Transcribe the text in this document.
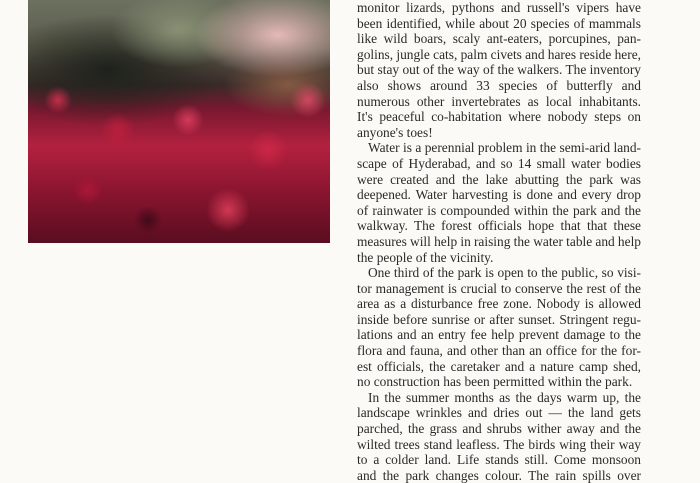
monitor lizards, pythons and russell's vipers have
been identified, while about 20 species of mammals
like wild boars, scaly ant-eaters, porcupines, pan-
golins, jungle cats, palm civets and hares reside here,
but stay out of the way of the walkers. The inventory
also shows around 33 species of butterfly and
numerous other invertebrates as local inhabitants.
It's peaceful co-habitation where nobody steps on
anyone's toes!
Water is a perennial problem in the semi-arid land-
scape of Hyderabad, and so 14 small water bodies
were created and the lake abutting the park was
deepened. Water harvesting is done and every drop
of rainwater is compounded within the park and the
walkway. The forest officials hope that that these
measures will help in raising the water table and help
the people of the vicinity.
One third of the park is open to the public, so visi-
tor management is crucial to conserve the rest of the
area as a disturbance free zone. Nobody is allowed
inside before sunrise or after sunset. Stringent regu-
lations and an entry fee help prevent damage to the
flora and fauna, and other than an office for the for-
est officials, the caretaker and a nature camp shed,
no construction has been permitted within the park.
In the summer months as the days warm up, the
landscape wrinkles and dries out — the land gets
parched, the grass and shrubs wither away and the
wilted trees stand leafless. The birds wing their way
to a colder land. Life stands still. Come monsoon
and the park changes colour. The rain spills over
